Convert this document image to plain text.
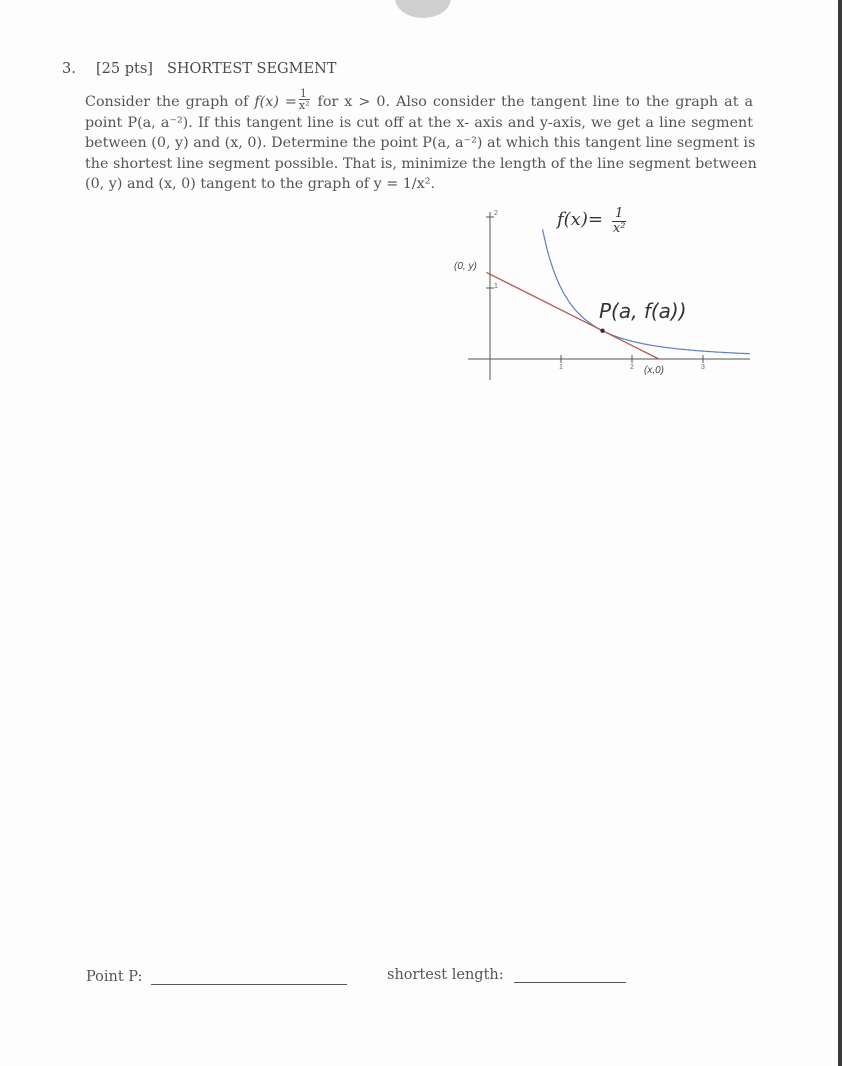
3. [25 pts] SHORTEST SEGMENT
Consider the graph of $f(x) = \frac{1}{\text{x²}}$ for x > 0. Also consider the tangent line to the graph at a
point P(a, a⁻²). If this tangent line is cut off at the x- axis and y-axis, we get a line segment
between (0, y) and (x, 0). Determine the point P(a, a⁻²) at which this tangent line segment is
the shortest line segment possible. That is, minimize the length of the line segment between
(0, y) and (x, 0) tangent to the graph of y = 1/x².
$f(x)= \frac{1}{\text{x²}}$
P(a, f(a))
(0, y)
(x,0)
2
1
1	2	3
Point P:	shortest length:
